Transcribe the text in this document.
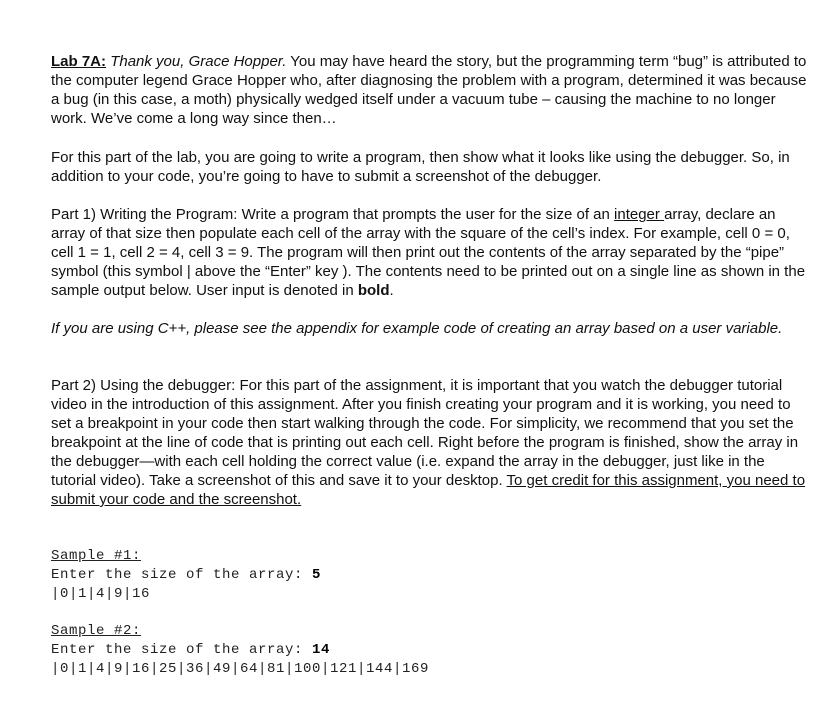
Lab 7A: Thank you, Grace Hopper. You may have heard the story, but the programming term “bug” is attributed to the computer legend Grace Hopper who, after diagnosing the problem with a program, determined it was because a bug (in this case, a moth) physically wedged itself under a vacuum tube – causing the machine to no longer work. We’ve come a long way since then…

For this part of the lab, you are going to write a program, then show what it looks like using the debugger. So, in addition to your code, you’re going to have to submit a screenshot of the debugger.

Part 1) Writing the Program: Write a program that prompts the user for the size of an integer array, declare an array of that size then populate each cell of the array with the square of the cell’s index. For example, cell 0 = 0, cell 1 = 1, cell 2 = 4, cell 3 = 9. The program will then print out the contents of the array separated by the “pipe” symbol (this symbol | above the “Enter” key ). The contents need to be printed out on a single line as shown in the sample output below. User input is denoted in bold.

If you are using C++, please see the appendix for example code of creating an array based on a user variable.

Part 2) Using the debugger: For this part of the assignment, it is important that you watch the debugger tutorial video in the introduction of this assignment. After you finish creating your program and it is working, you need to set a breakpoint in your code then start walking through the code. For simplicity, we recommend that you set the breakpoint at the line of code that is printing out each cell. Right before the program is finished, show the array in the debugger—with each cell holding the correct value (i.e. expand the array in the debugger, just like in the tutorial video). Take a screenshot of this and save it to your desktop. To get credit for this assignment, you need to submit your code and the screenshot.

Sample #1:

Enter the size of the array: 5

|0|1|4|9|16

Sample #2:

Enter the size of the array: 14

|0|1|4|9|16|25|36|49|64|81|100|121|144|169
